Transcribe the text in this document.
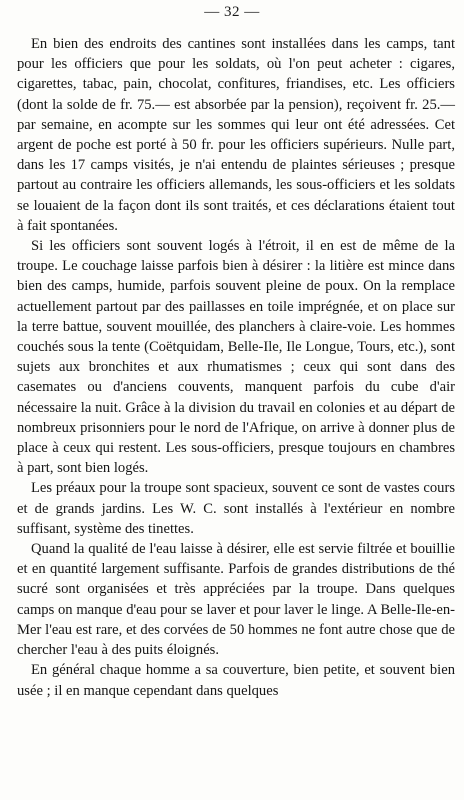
— 32 —

En bien des endroits des cantines sont installées dans les camps, tant pour les officiers que pour les soldats, où l'on peut acheter : cigares, cigarettes, tabac, pain, chocolat, confitures, friandises, etc. Les officiers (dont la solde de fr. 75.— est absorbée par la pension), reçoivent fr. 25.— par semaine, en acompte sur les sommes qui leur ont été adressées. Cet argent de poche est porté à 50 fr. pour les officiers supérieurs. Nulle part, dans les 17 camps visités, je n'ai entendu de plaintes sérieuses ; presque partout au contraire les officiers allemands, les sous-officiers et les soldats se louaient de la façon dont ils sont traités, et ces déclarations étaient tout à fait spontanées.

Si les officiers sont souvent logés à l'étroit, il en est de même de la troupe. Le couchage laisse parfois bien à désirer : la litière est mince dans bien des camps, humide, parfois souvent pleine de poux. On la remplace actuellement partout par des paillasses en toile imprégnée, et on place sur la terre battue, souvent mouillée, des planchers à claire-voie. Les hommes couchés sous la tente (Coëtquidam, Belle-Ile, Ile Longue, Tours, etc.), sont sujets aux bronchites et aux rhumatismes ; ceux qui sont dans des casemates ou d'anciens couvents, manquent parfois du cube d'air nécessaire la nuit. Grâce à la division du travail en colonies et au départ de nombreux prisonniers pour le nord de l'Afrique, on arrive à donner plus de place à ceux qui restent. Les sous-officiers, presque toujours en chambres à part, sont bien logés.

Les préaux pour la troupe sont spacieux, souvent ce sont de vastes cours et de grands jardins. Les W. C. sont installés à l'extérieur en nombre suffisant, système des tinettes.

Quand la qualité de l'eau laisse à désirer, elle est servie filtrée et bouillie et en quantité largement suffisante. Parfois de grandes distributions de thé sucré sont organisées et très appréciées par la troupe. Dans quelques camps on manque d'eau pour se laver et pour laver le linge. A Belle-Ile-en-Mer l'eau est rare, et des corvées de 50 hommes ne font autre chose que de chercher l'eau à des puits éloignés.

En général chaque homme a sa couverture, bien petite, et souvent bien usée ; il en manque cependant dans quelques
